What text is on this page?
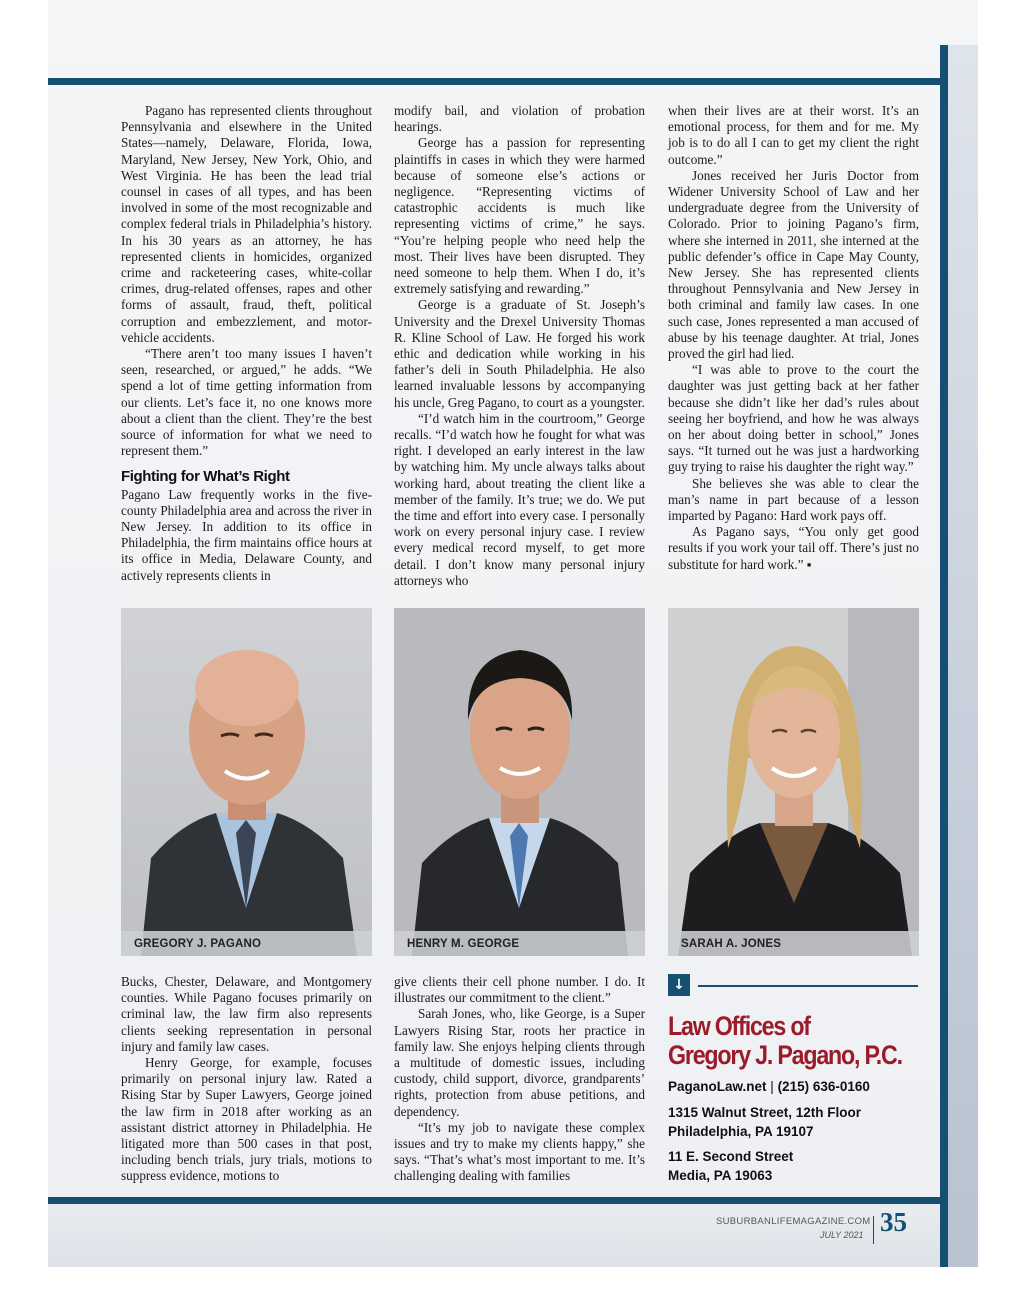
Pagano has represented clients throughout Pennsylvania and elsewhere in the United States—namely, Delaware, Florida, Iowa, Maryland, New Jersey, New York, Ohio, and West Virginia. He has been the lead trial counsel in cases of all types, and has been involved in some of the most recognizable and complex federal trials in Philadelphia’s history. In his 30 years as an attorney, he has represented clients in homicides, organized crime and racketeering cases, white-collar crimes, drug-related offenses, rapes and other forms of assault, fraud, theft, political corruption and embezzlement, and motor-vehicle accidents.

“There aren’t too many issues I haven’t seen, researched, or argued,” he adds. “We spend a lot of time getting information from our clients. Let’s face it, no one knows more about a client than the client. They’re the best source of information for what we need to represent them.”

Fighting for What’s Right

Pagano Law frequently works in the five-county Philadelphia area and across the river in New Jersey. In addition to its office in Philadelphia, the firm maintains office hours at its office in Media, Delaware County, and actively represents clients in

modify bail, and violation of probation hearings.

George has a passion for representing plaintiffs in cases in which they were harmed because of someone else’s actions or negligence. “Representing victims of catastrophic accidents is much like representing victims of crime,” he says. “You’re helping people who need help the most. Their lives have been disrupted. They need someone to help them. When I do, it’s extremely satisfying and rewarding.”

George is a graduate of St. Joseph’s University and the Drexel University Thomas R. Kline School of Law. He forged his work ethic and dedication while working in his father’s deli in South Philadelphia. He also learned invaluable lessons by accompanying his uncle, Greg Pagano, to court as a youngster.

“I’d watch him in the courtroom,” George recalls. “I’d watch how he fought for what was right. I developed an early interest in the law by watching him. My uncle always talks about working hard, about treating the client like a member of the family. It’s true; we do. We put the time and effort into every case. I personally work on every personal injury case. I review every medical record myself, to get more detail. I don’t know many personal injury attorneys who

when their lives are at their worst. It’s an emotional process, for them and for me. My job is to do all I can to get my client the right outcome.”

Jones received her Juris Doctor from Widener University School of Law and her undergraduate degree from the University of Colorado. Prior to joining Pagano’s firm, where she interned in 2011, she interned at the public defender’s office in Cape May County, New Jersey. She has represented clients throughout Pennsylvania and New Jersey in both criminal and family law cases. In one such case, Jones represented a man accused of abuse by his teenage daughter. At trial, Jones proved the girl had lied.

“I was able to prove to the court the daughter was just getting back at her father because she didn’t like her dad’s rules about seeing her boyfriend, and how he was always on her about doing better in school,” Jones says. “It turned out he was just a hardworking guy trying to raise his daughter the right way.”

She believes she was able to clear the man’s name in part because of a lesson imparted by Pagano: Hard work pays off.

As Pagano says, “You only get good results if you work your tail off. There’s just no substitute for hard work.” ▪

GREGORY J. PAGANO	HENRY M. GEORGE	SARAH A. JONES

Bucks, Chester, Delaware, and Montgomery counties. While Pagano focuses primarily on criminal law, the law firm also represents clients seeking representation in personal injury and family law cases.

Henry George, for example, focuses primarily on personal injury law. Rated a Rising Star by Super Lawyers, George joined the law firm in 2018 after working as an assistant district attorney in Philadelphia. He litigated more than 500 cases in that post, including bench trials, jury trials, motions to suppress evidence, motions to

give clients their cell phone number. I do. It illustrates our commitment to the client.”

Sarah Jones, who, like George, is a Super Lawyers Rising Star, roots her practice in family law. She enjoys helping clients through a multitude of domestic issues, including custody, child support, divorce, grandparents’ rights, protection from abuse petitions, and dependency.

“It’s my job to navigate these complex issues and try to make my clients happy,” she says. “That’s what’s most important to me. It’s challenging dealing with families

↓
Law Offices of
Gregory J. Pagano, P.C.
PaganoLaw.net | (215) 636-0160
1315 Walnut Street, 12th Floor
Philadelphia, PA 19107
11 E. Second Street
Media, PA 19063
SUBURBANLIFEMAGAZINE.COM
JULY 2021 35
